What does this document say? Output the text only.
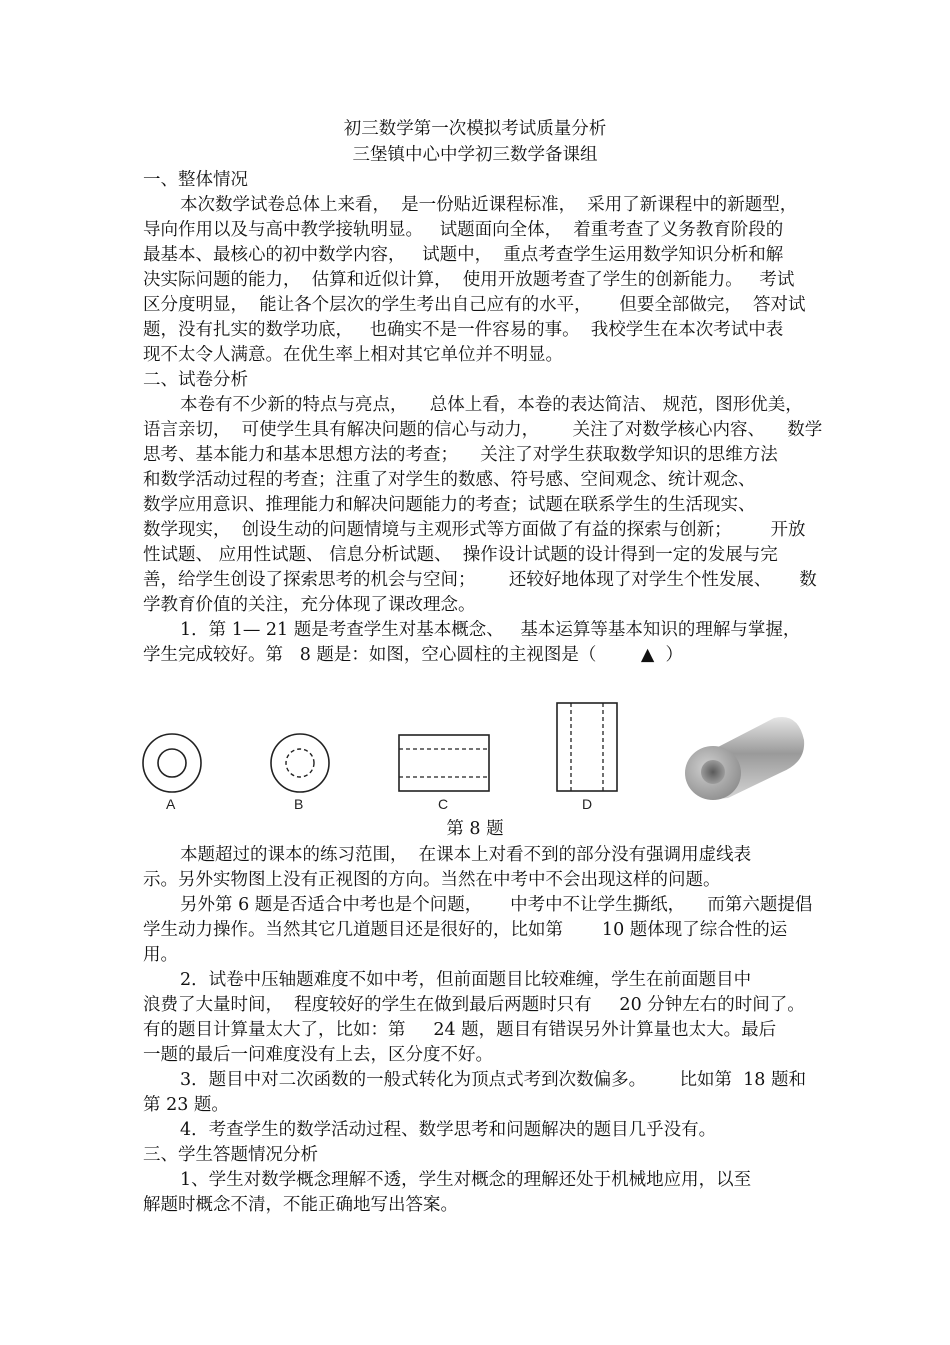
初三数学第一次模拟考试质量分析
三堡镇中心中学初三数学备课组
一、整体情况
本次数学试卷总体上来看，  是一份贴近课程标准，  采用了新课程中的新题型，
导向作用以及与高中教学接轨明显。   试题面向全体，  着重考查了义务教育阶段的
最基本、最核心的初中数学内容，   试题中，  重点考查学生运用数学知识分析和解
决实际问题的能力，  估算和近似计算，  使用开放题考查了学生的创新能力。   考试
区分度明显，  能让各个层次的学生考出自己应有的水平，     但要全部做完，  答对试
题，没有扎实的数学功底，   也确实不是一件容易的事。  我校学生在本次考试中表
现不太令人满意。在优生率上相对其它单位并不明显。
二、试卷分析
本卷有不少新的特点与亮点，    总体上看，本卷的表达简洁、 规范，图形优美，
语言亲切，  可使学生具有解决问题的信心与动力，      关注了对数学核心内容、    数学
思考、基本能力和基本思想方法的考查；    关注了对学生获取数学知识的思维方法
和数学活动过程的考查；注重了对学生的数感、符号感、空间观念、统计观念、
数学应用意识、推理能力和解决问题能力的考查；试题在联系学生的生活现实、
数学现实，  创设生动的问题情境与主观形式等方面做了有益的探索与创新；       开放
性试题、 应用性试题、 信息分析试题、  操作设计试题的设计得到一定的发展与完
善，给学生创设了探索思考的机会与空间；      还较好地体现了对学生个性发展、     数
学教育价值的关注，充分体现了课改理念。
1．第 1— 21 题是考查学生对基本概念、   基本运算等基本知识的理解与掌握，
学生完成较好。第   8 题是：如图，空心圆柱的主视图是（        ▲  ）
A	B	C	D
第 8 题
本题超过的课本的练习范围，  在课本上对看不到的部分没有强调用虚线表
示。另外实物图上没有正视图的方向。当然在中考中不会出现这样的问题。
另外第 6 题是否适合中考也是个问题，     中考中不让学生撕纸，    而第六题提倡
学生动力操作。当然其它几道题目还是很好的，比如第       10 题体现了综合性的运
用。
2．试卷中压轴题难度不如中考，但前面题目比较难缠，学生在前面题目中
浪费了大量时间，  程度较好的学生在做到最后两题时只有     20 分钟左右的时间了。
有的题目计算量太大了，比如：第     24 题，题目有错误另外计算量也太大。最后
一题的最后一问难度没有上去，区分度不好。
3．题目中对二次函数的一般式转化为顶点式考到次数偏多。      比如第  18 题和
第 23 题。
4．考查学生的数学活动过程、数学思考和问题解决的题目几乎没有。
三、学生答题情况分析
1、学生对数学概念理解不透，学生对概念的理解还处于机械地应用，以至
解题时概念不清，不能正确地写出答案。
